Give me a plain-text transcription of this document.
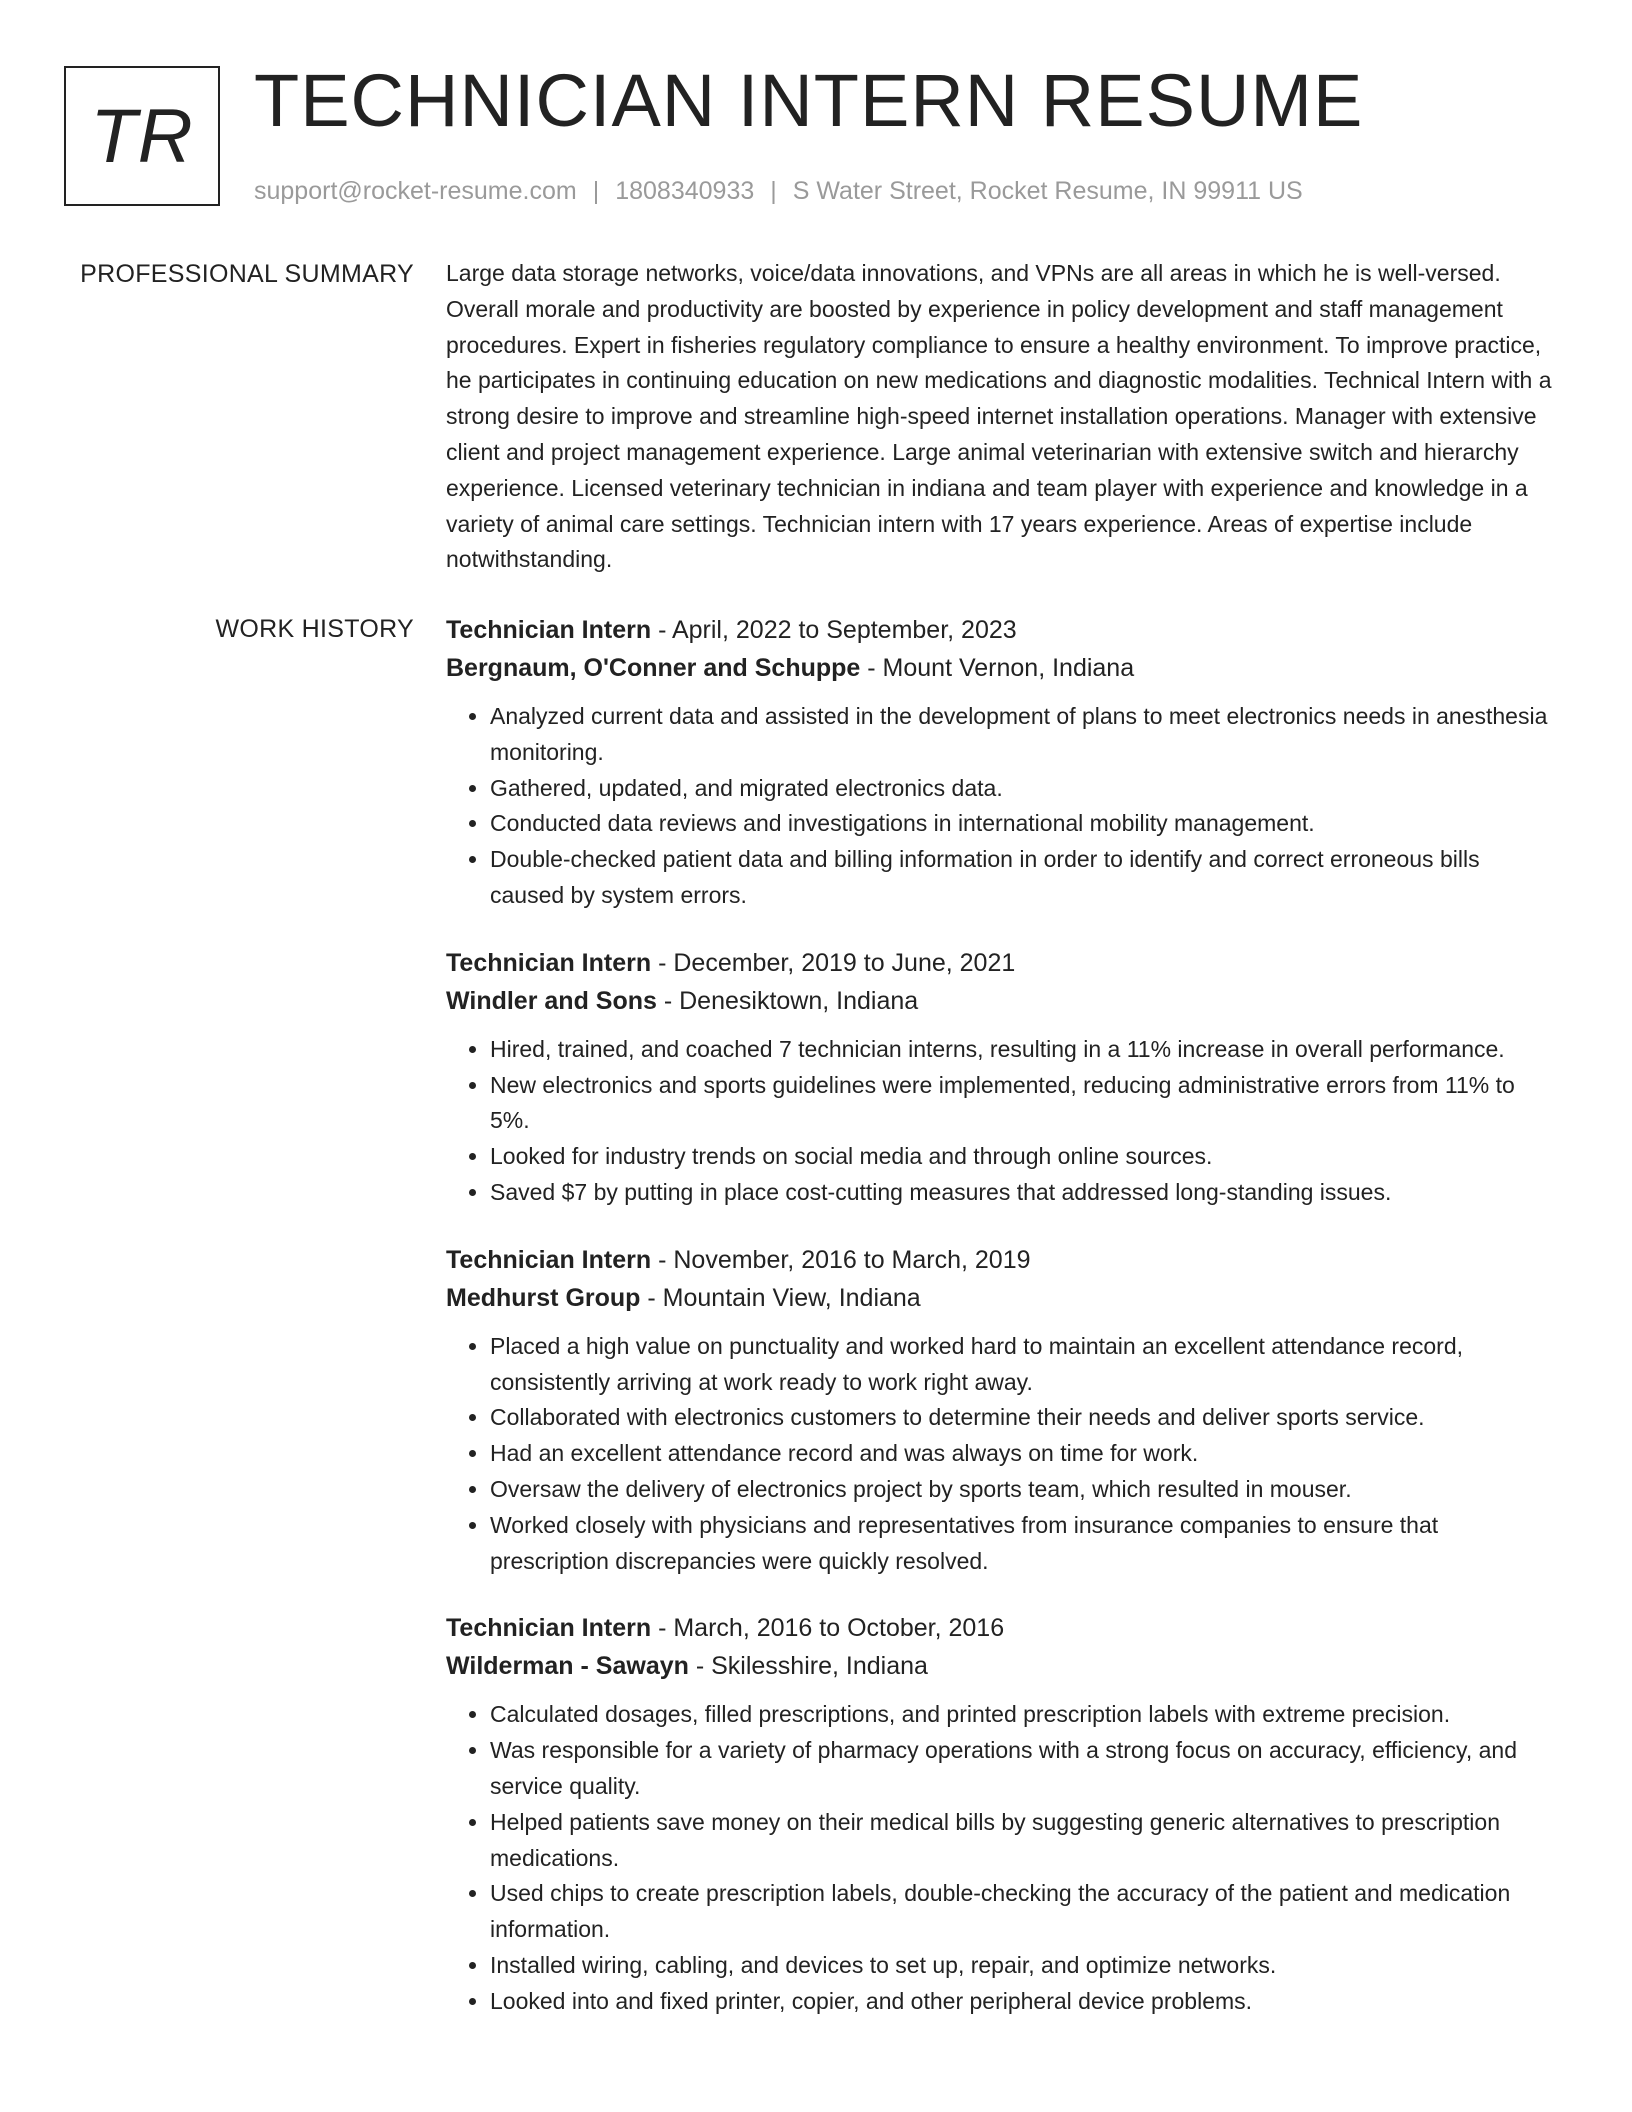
TR TECHNICIAN INTERN RESUME
support@rocket-resume.com | 1808340933 | S Water Street, Rocket Resume, IN 99911 US
PROFESSIONAL SUMMARY Large data storage networks, voice/data innovations, and VPNs are all areas in which he is well-versed. Overall morale and productivity are boosted by experience in policy development and staff management procedures. Expert in fisheries regulatory compliance to ensure a healthy environment. To improve practice, he participates in continuing education on new medications and diagnostic modalities. Technical Intern with a strong desire to improve and streamline high-speed internet installation operations. Manager with extensive client and project management experience. Large animal veterinarian with extensive switch and hierarchy experience. Licensed veterinary technician in indiana and team player with experience and knowledge in a variety of animal care settings. Technician intern with 17 years experience. Areas of expertise include notwithstanding.

WORK HISTORY Technician Intern - April, 2022 to September, 2023
Bergnaum, O'Conner and Schuppe - Mount Vernon, Indiana
• Analyzed current data and assisted in the development of plans to meet electronics needs in anesthesia monitoring.
• Gathered, updated, and migrated electronics data.
• Conducted data reviews and investigations in international mobility management.
• Double-checked patient data and billing information in order to identify and correct erroneous bills caused by system errors.
Technician Intern - December, 2019 to June, 2021
Windler and Sons - Denesiktown, Indiana
• Hired, trained, and coached 7 technician interns, resulting in a 11% increase in overall performance.
• New electronics and sports guidelines were implemented, reducing administrative errors from 11% to 5%.
• Looked for industry trends on social media and through online sources.
• Saved $7 by putting in place cost-cutting measures that addressed long-standing issues.
Technician Intern - November, 2016 to March, 2019
Medhurst Group - Mountain View, Indiana
• Placed a high value on punctuality and worked hard to maintain an excellent attendance record, consistently arriving at work ready to work right away.
• Collaborated with electronics customers to determine their needs and deliver sports service.
• Had an excellent attendance record and was always on time for work.
• Oversaw the delivery of electronics project by sports team, which resulted in mouser.
• Worked closely with physicians and representatives from insurance companies to ensure that prescription discrepancies were quickly resolved.
Technician Intern - March, 2016 to October, 2016
Wilderman - Sawayn - Skilesshire, Indiana
• Calculated dosages, filled prescriptions, and printed prescription labels with extreme precision.
• Was responsible for a variety of pharmacy operations with a strong focus on accuracy, efficiency, and service quality.
• Helped patients save money on their medical bills by suggesting generic alternatives to prescription medications.
• Used chips to create prescription labels, double-checking the accuracy of the patient and medication information.
• Installed wiring, cabling, and devices to set up, repair, and optimize networks.
• Looked into and fixed printer, copier, and other peripheral device problems.
